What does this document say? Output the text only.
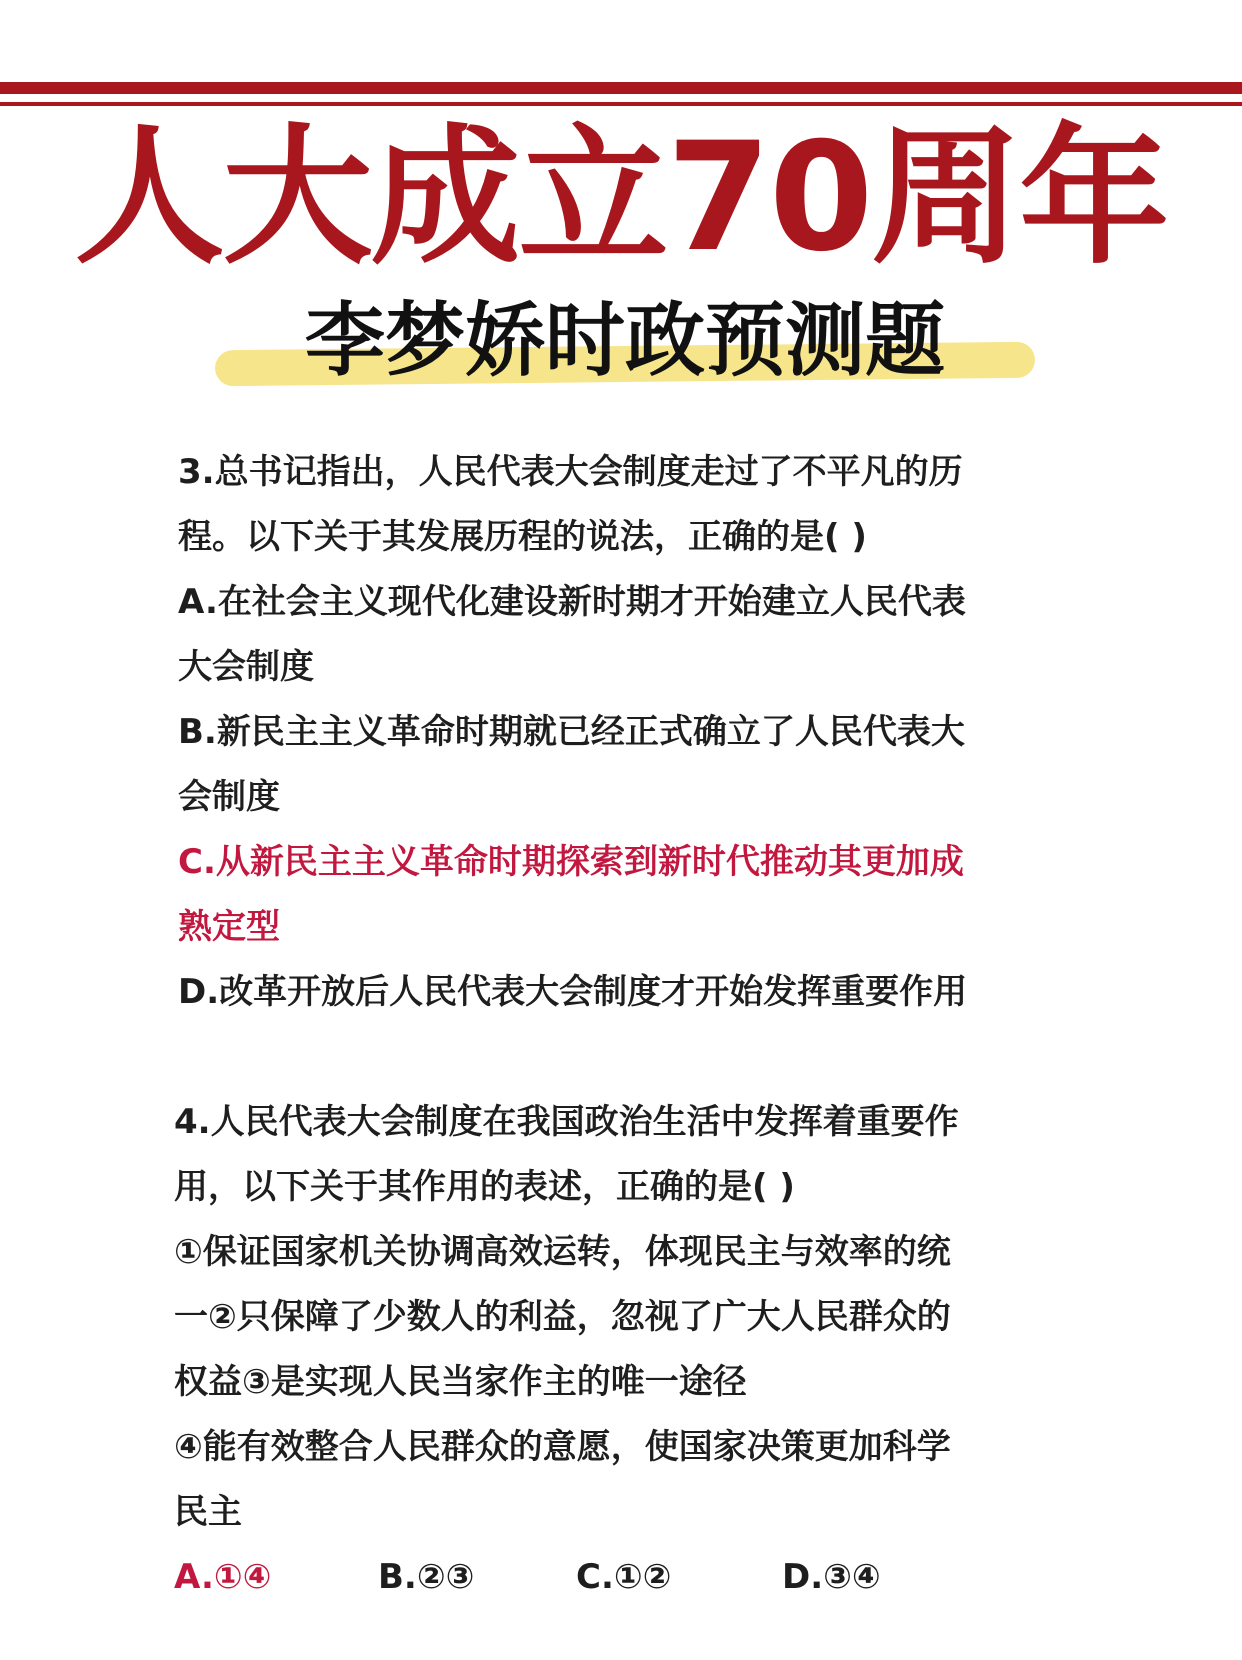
人大成立70周年
李梦娇时政预测题
3.总书记指出，人民代表大会制度走过了不平凡的历
程。以下关于其发展历程的说法，正确的是( )
A.在社会主义现代化建设新时期才开始建立人民代表
大会制度
B.新民主主义革命时期就已经正式确立了人民代表大
会制度
C.从新民主主义革命时期探索到新时代推动其更加成
熟定型
D.改革开放后人民代表大会制度才开始发挥重要作用
4.人民代表大会制度在我国政治生活中发挥着重要作
用，以下关于其作用的表述，正确的是( )
①保证国家机关协调高效运转，体现民主与效率的统
一②只保障了少数人的利益，忽视了广大人民群众的
权益③是实现人民当家作主的唯一途径
④能有效整合人民群众的意愿，使国家决策更加科学
民主
A.①④	B.②③	C.①②	D.③④
